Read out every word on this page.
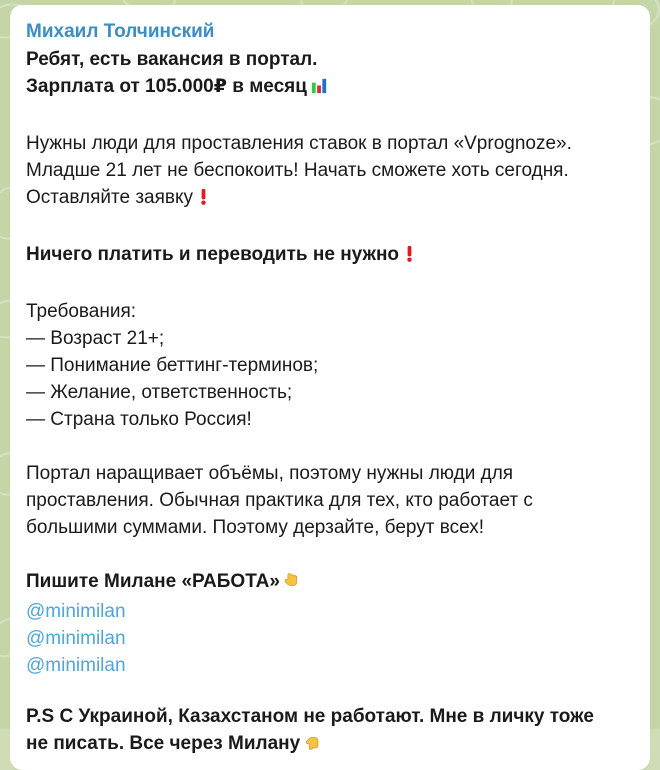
Михаил Толчинский

Ребят, есть вакансия в портал.

Зарплата от 105.000₽ в месяц

Нужны люди для проставления ставок в портал «Vprognoze».

Младше 21 лет не беспокоить! Начать сможете хоть сегодня.

Оставляйте заявку

Ничего платить и переводить не нужно

Требования:

— Возраст 21+;

— Понимание беттинг-терминов;

— Желание, ответственность;

— Страна только Россия!

Портал наращивает объёмы, поэтому нужны люди для

проставления. Обычная практика для тех, кто работает с

большими суммами. Поэтому дерзайте, берут всех!

Пишите Милане «РАБОТА»

@minimilan
@minimilan
@minimilan

P.S С Украиной, Казахстаном не работают. Мне в личку тоже

не писать. Все через Милану
